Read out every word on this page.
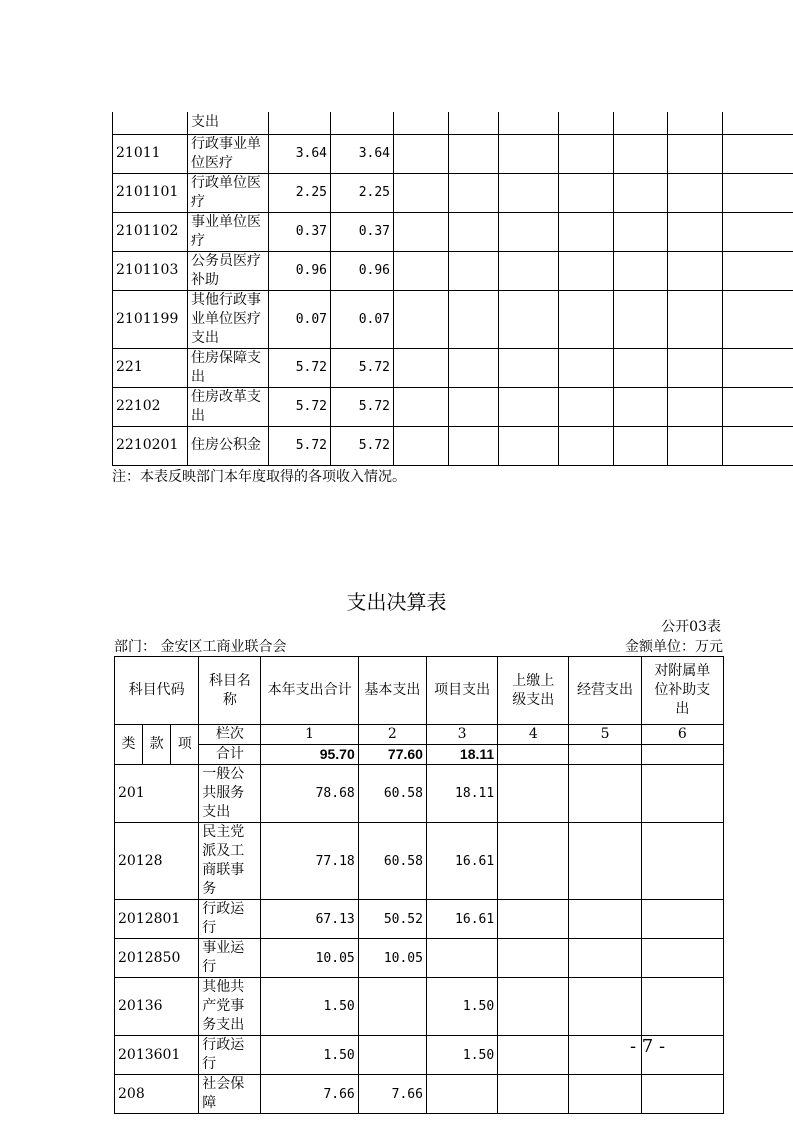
	支出									
21011	行政事业单位医疗	3.64	3.64							
2101101	行政单位医疗	2.25	2.25							
2101102	事业单位医疗	0.37	0.37							
2101103	公务员医疗补助	0.96	0.96							
2101199	其他行政事业单位医疗支出	0.07	0.07							
221	住房保障支出	5.72	5.72							
22102	住房改革支出	5.72	5.72							
2210201	住房公积金	5.72	5.72							
注：本表反映部门本年度取得的各项收入情况。
支出决算表
公开03表
部门： 金安区工商业联合会	金额单位：万元
科目代码			科目名称	本年支出合计	基本支出	项目支出	上缴上级支出	经营支出	对附属单位补助支出
类	款	项	栏次	1	2	3	4	5	6
			合计	95.70	77.60	18.11			
201			一般公共服务支出	78.68	60.58	18.11			
20128			民主党派及工商联事务	77.18	60.58	16.61			
2012801			行政运行	67.13	50.52	16.61			
2012850			事业运行	10.05	10.05				
20136			其他共产党事务支出	1.50		1.50			
2013601			行政运行	1.50		1.50			
208			社会保障	7.66	7.66				
- 7 -
